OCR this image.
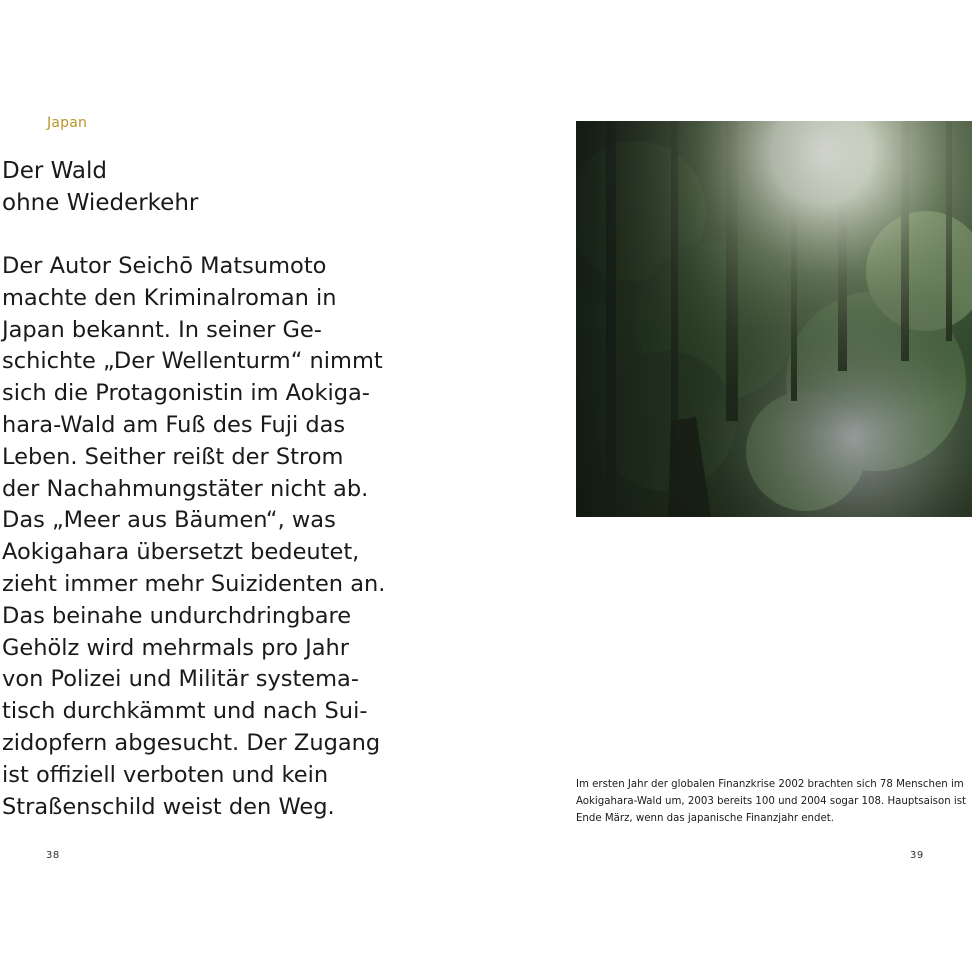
Japan
Der Wald
ohne Wiederkehr
Der Autor Seichō Matsumoto
machte den Kriminalroman in
Japan bekannt. In seiner Ge-
schichte „Der Wellenturm“ nimmt
sich die Protagonistin im Aokiga-
hara-Wald am Fuß des Fuji das
Leben. Seither reißt der Strom
der Nachahmungstäter nicht ab.
Das „Meer aus Bäumen“, was
Aokigahara übersetzt bedeutet,
zieht immer mehr Suizidenten an.
Das beinahe undurchdringbare
Gehölz wird mehrmals pro Jahr
von Polizei und Militär systema-
tisch durchkämmt und nach Sui-
zidopfern abgesucht. Der Zugang
ist offiziell verboten und kein
Straßenschild weist den Weg.
38
Im ersten Jahr der globalen Finanzkrise 2002 brachten sich 78 Menschen im
Aokigahara-Wald um, 2003 bereits 100 und 2004 sogar 108. Hauptsaison ist
Ende März, wenn das japanische Finanzjahr endet.
39
